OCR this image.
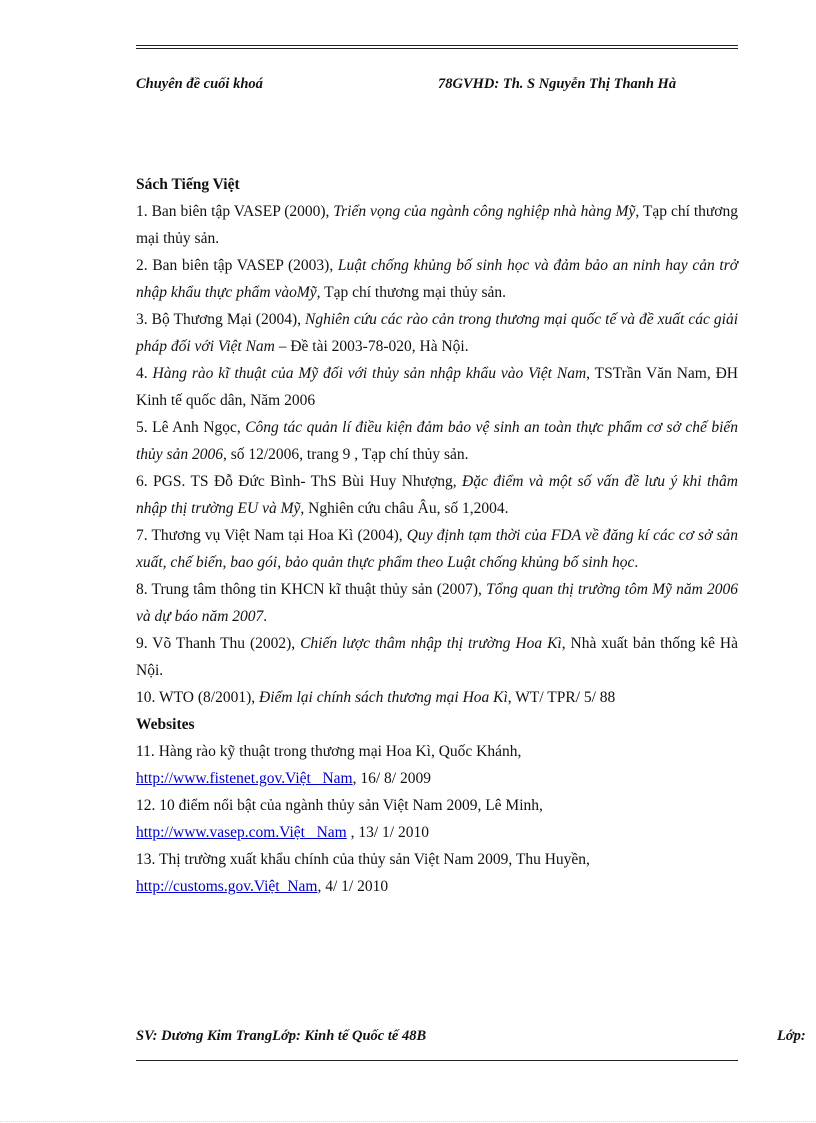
Chuyên đề cuối khoá	78GVHD: Th. S Nguyễn Thị Thanh Hà

Sách Tiếng Việt

1. Ban biên tập VASEP (2000), Triển vọng của ngành công nghiệp nhà hàng Mỹ, Tạp chí thương mại thủy sản.

2. Ban biên tập VASEP (2003), Luật chống khủng bố sinh học và đảm bảo an ninh hay cản trở nhập khẩu thực phẩm vàoMỹ, Tạp chí thương mại thủy sản.

3. Bộ Thương Mại (2004), Nghiên cứu các rào cản trong thương mại quốc tế và đề xuất các giải pháp đối với Việt Nam – Đề tài 2003-78-020, Hà Nội.

4. Hàng rào kĩ thuật của Mỹ đối với thủy sản nhập khẩu vào Việt Nam, TSTrần Văn Nam, ĐH Kinh tế quốc dân, Năm 2006

5. Lê Anh Ngọc, Công tác quản lí điều kiện đảm bảo vệ sinh an toàn thực phẩm cơ sở chế biến thủy sản 2006, số 12/2006, trang 9 , Tạp chí thủy sản.

6. PGS. TS Đỗ Đức Bình- ThS Bùi Huy Nhượng, Đặc điểm và một số vấn đề lưu ý khi thâm nhập thị trường EU và Mỹ, Nghiên cứu châu Âu, số 1,2004.

7. Thương vụ Việt Nam tại Hoa Kì (2004), Quy định tạm thời của FDA về đăng kí các cơ sở sản xuất, chế biến, bao gói, bảo quản thực phẩm theo Luật chống khủng bố sinh học.

8. Trung tâm thông tin KHCN kĩ thuật thủy sản (2007), Tổng quan thị trường tôm Mỹ năm 2006 và dự báo năm 2007.

9. Võ Thanh Thu (2002), Chiến lược thâm nhập thị trường Hoa Kì, Nhà xuất bản thống kê Hà Nội.

10. WTO (8/2001), Điểm lại chính sách thương mại Hoa Kì, WT/ TPR/ 5/ 88

Websites

11. Hàng rào kỹ thuật trong thương mại Hoa Kì, Quốc Khánh,
http://www.fistenet.gov.Việt _Nam, 16/ 8/ 2009

12. 10 điểm nổi bật của ngành thủy sản Việt Nam 2009, Lê Minh,
http://www.vasep.com.Việt _Nam , 13/ 1/ 2010

13. Thị trường xuất khẩu chính của thủy sản Việt Nam 2009, Thu Huyền,
http://customs.gov.Việt_Nam, 4/ 1/ 2010

SV: Dương Kim TrangLớp: Kinh tế Quốc tế 48B	Lớp:
